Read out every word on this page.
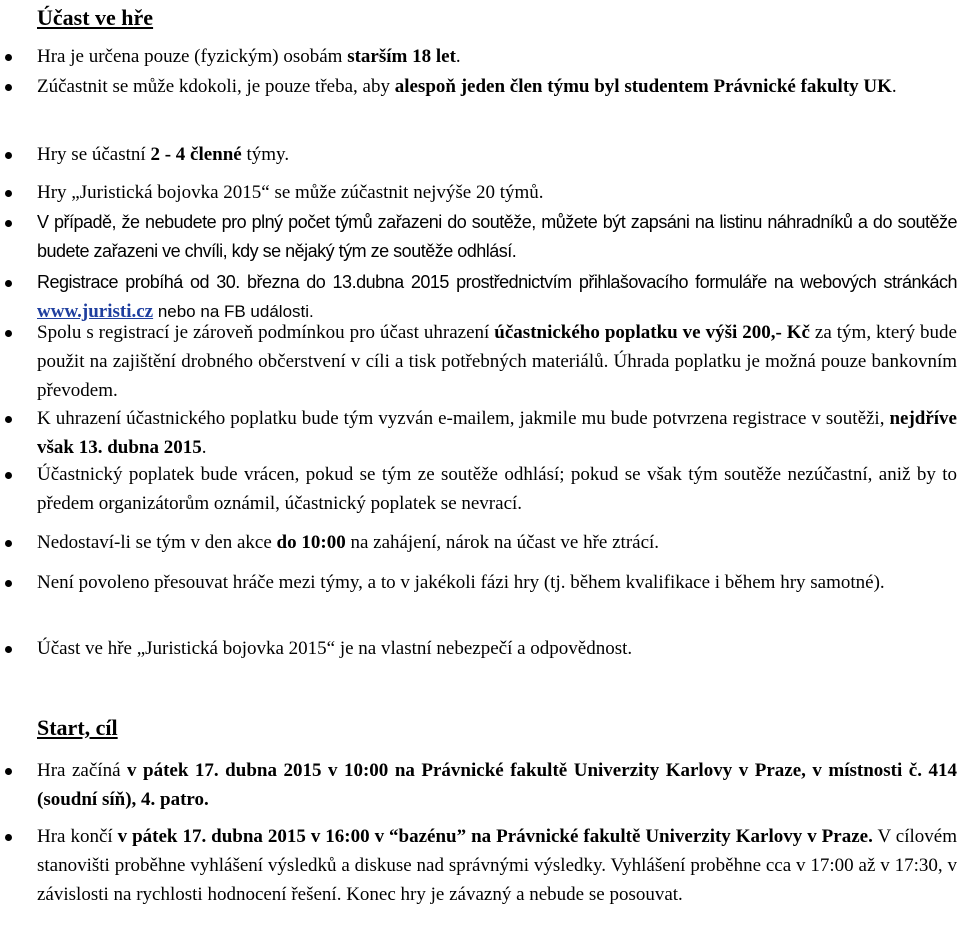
Účast ve hře
Hra je určena pouze (fyzickým) osobám starším 18 let.
Zúčastnit se může kdokoli, je pouze třeba, aby alespoň jeden člen týmu byl studentem Právnické fakulty UK.
Hry se účastní 2 - 4 členné týmy.
Hry „Juristická bojovka 2015“ se může zúčastnit nejvýše 20 týmů.
V případě, že nebudete pro plný počet týmů zařazeni do soutěže, můžete být zapsáni na listinu náhradníků a do soutěže budete zařazeni ve chvíli, kdy se nějaký tým ze soutěže odhlásí.
Registrace probíhá od 30. března do 13.dubna 2015 prostřednictvím přihlašovacího formuláře na webových stránkách www.juristi.cz nebo na FB události.
Spolu s registrací je zároveň podmínkou pro účast uhrazení účastnického poplatku ve výši 200,- Kč za tým, který bude použit na zajištění drobného občerstvení v cíli a tisk potřebných materiálů. Úhrada poplatku je možná pouze bankovním převodem.
K uhrazení účastnického poplatku bude tým vyzván e-mailem, jakmile mu bude potvrzena registrace v soutěži, nejdříve však 13. dubna 2015.
Účastnický poplatek bude vrácen, pokud se tým ze soutěže odhlásí; pokud se však tým soutěže nezúčastní, aniž by to předem organizátorům oznámil, účastnický poplatek se nevrací.
Nedostaví-li se tým v den akce do 10:00 na zahájení, nárok na účast ve hře ztrácí.
Není povoleno přesouvat hráče mezi týmy, a to v jakékoli fázi hry (tj. během kvalifikace i během hry samotné).
Účast ve hře „Juristická bojovka 2015“ je na vlastní nebezpečí a odpovědnost.
Start, cíl
Hra začíná v pátek 17. dubna 2015 v 10:00 na Právnické fakultě Univerzity Karlovy v Praze, v místnosti č. 414 (soudní síň), 4. patro.
Hra končí v pátek 17. dubna 2015 v 16:00 v “bazénu” na Právnické fakultě Univerzity Karlovy v Praze. V cílovém stanovišti proběhne vyhlášení výsledků a diskuse nad správnými výsledky. Vyhlášení proběhne cca v 17:00 až v 17:30, v závislosti na rychlosti hodnocení řešení. Konec hry je závazný a nebude se posouvat.
